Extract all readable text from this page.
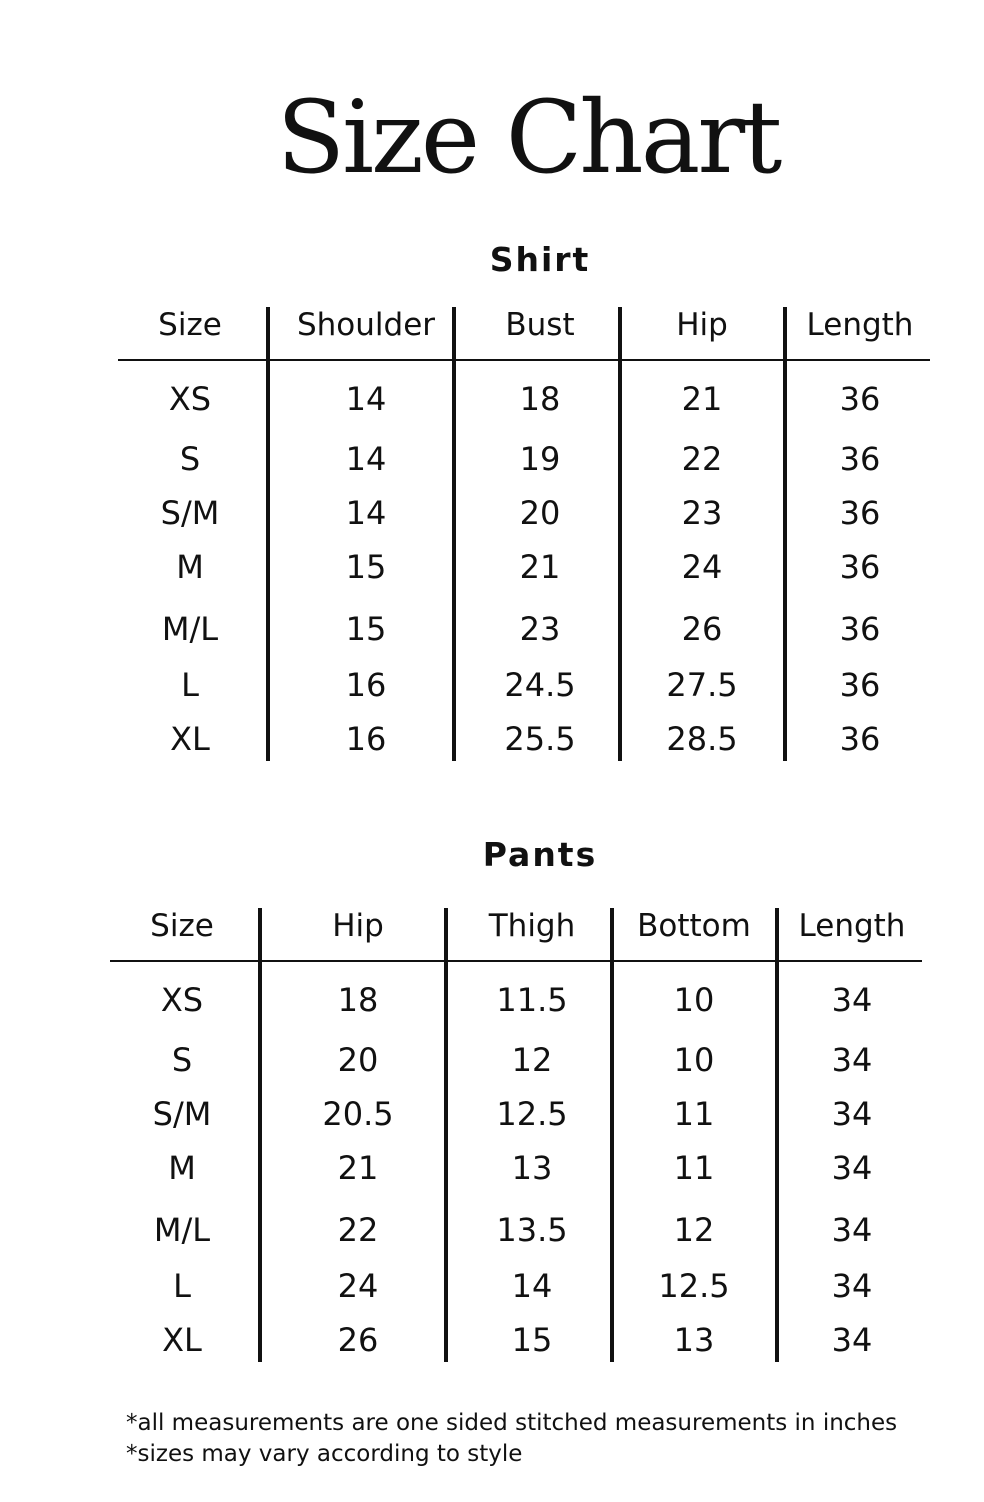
Size Chart
Shirt
Size	Shoulder	Bust	Hip	Length
XS	14	18	21	36
S	14	19	22	36
S/M	14	20	23	36
M	15	21	24	36
M/L	15	23	26	36
L	16	24.5	27.5	36
XL	16	25.5	28.5	36
Pants
Size	Hip	Thigh	Bottom	Length
XS	18	11.5	10	34
S	20	12	10	34
S/M	20.5	12.5	11	34
M	21	13	11	34
M/L	22	13.5	12	34
L	24	14	12.5	34
XL	26	15	13	34
*all measurements are one sided stitched measurements in inches
*sizes may vary according to style
